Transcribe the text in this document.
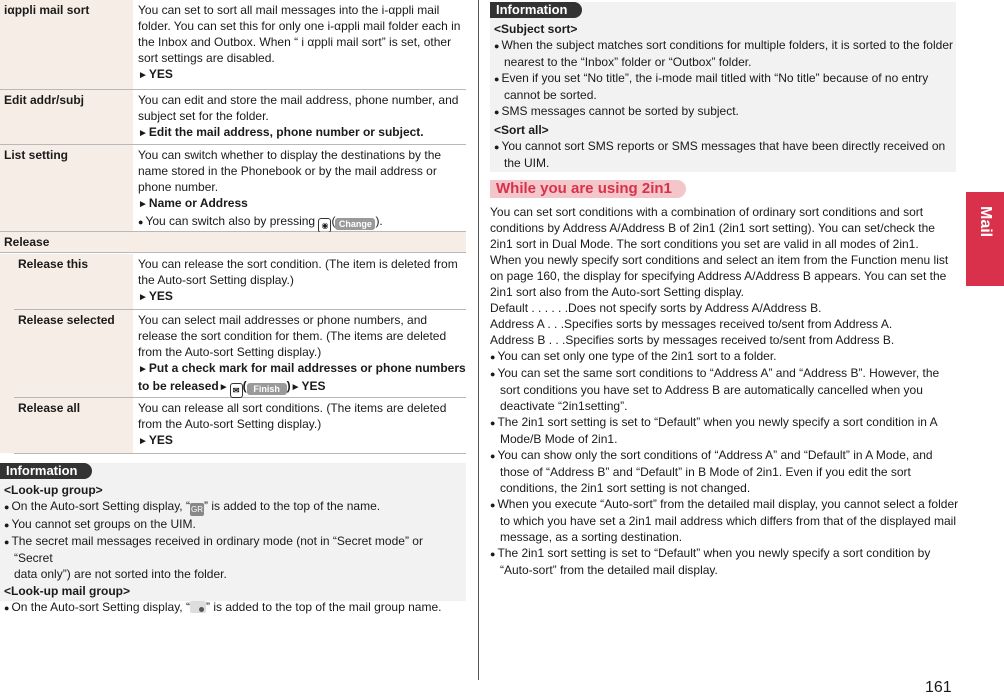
iαppli mail sort	You can set to sort all mail messages into the i-αppli mail
folder. You can set this for only one i-αppli mail folder each in
the Inbox and Outbox. When “ i αppli mail sort” is set, other
sort settings are disabled.
►YES
Edit addr/subj	You can edit and store the mail address, phone number, and
subject set for the folder.
►Edit the mail address, phone number or subject.
List setting	You can switch whether to display the destinations by the
name stored in the Phonebook or by the mail address or
phone number.
►Name or Address
● You can switch also by pressing ◉ ( Change ).
Release
Release this	You can release the sort condition. (The item is deleted from
the Auto-sort Setting display.)
►YES
Release selected	You can select mail addresses or phone numbers, and
release the sort condition for them. (The items are deleted
from the Auto-sort Setting display.)
►Put a check mark for mail addresses or phone numbers
to be released► ✉ ( Finish )►YES
Release all	You can release all sort conditions. (The items are deleted
from the Auto-sort Setting display.)
►YES
Information
<Look-up group>
● On the Auto-sort Setting display, “GR” is added to the top of the name.
● You cannot set groups on the UIM.
● The secret mail messages received in ordinary mode (not in “Secret mode” or “Secret
data only”) are not sorted into the folder.
<Look-up mail group>
● On the Auto-sort Setting display, “ ” is added to the top of the mail group name.
Information
<Subject sort>
● When the subject matches sort conditions for multiple folders, it is sorted to the folder
nearest to the “Inbox” folder or “Outbox” folder.
● Even if you set “No title”, the i-mode mail titled with “No title” because of no entry
cannot be sorted.
● SMS messages cannot be sorted by subject.
<Sort all>
● You cannot sort SMS reports or SMS messages that have been directly received on
the UIM.
While you are using 2in1
You can set sort conditions with a combination of ordinary sort conditions and sort
conditions by Address A/Address B of 2in1 (2in1 sort setting). You can set/check the
2in1 sort in Dual Mode. The sort conditions you set are valid in all modes of 2in1.
When you newly specify sort conditions and select an item from the Function menu list
on page 160, the display for specifying Address A/Address B appears. You can set the
2in1 sort also from the Auto-sort Setting display.
Default . . . . . .Does not specify sorts by Address A/Address B.
Address A . . .Specifies sorts by messages received to/sent from Address A.
Address B . . .Specifies sorts by messages received to/sent from Address B.
● You can set only one type of the 2in1 sort to a folder.
● You can set the same sort conditions to “Address A” and “Address B”. However, the
sort conditions you have set to Address B are automatically cancelled when you
deactivate “2in1setting”.
● The 2in1 sort setting is set to “Default” when you newly specify a sort condition in A
Mode/B Mode of 2in1.
● You can show only the sort conditions of “Address A” and “Default” in A Mode, and
those of “Address B” and “Default” in B Mode of 2in1. Even if you edit the sort
conditions, the 2in1 sort setting is not changed.
● When you execute “Auto-sort” from the detailed mail display, you cannot select a folder
to which you have set a 2in1 mail address which differs from that of the displayed mail
message, as a sorting destination.
● The 2in1 sort setting is set to “Default” when you newly specify a sort condition by
“Auto-sort” from the detailed mail display.
Mail
161
